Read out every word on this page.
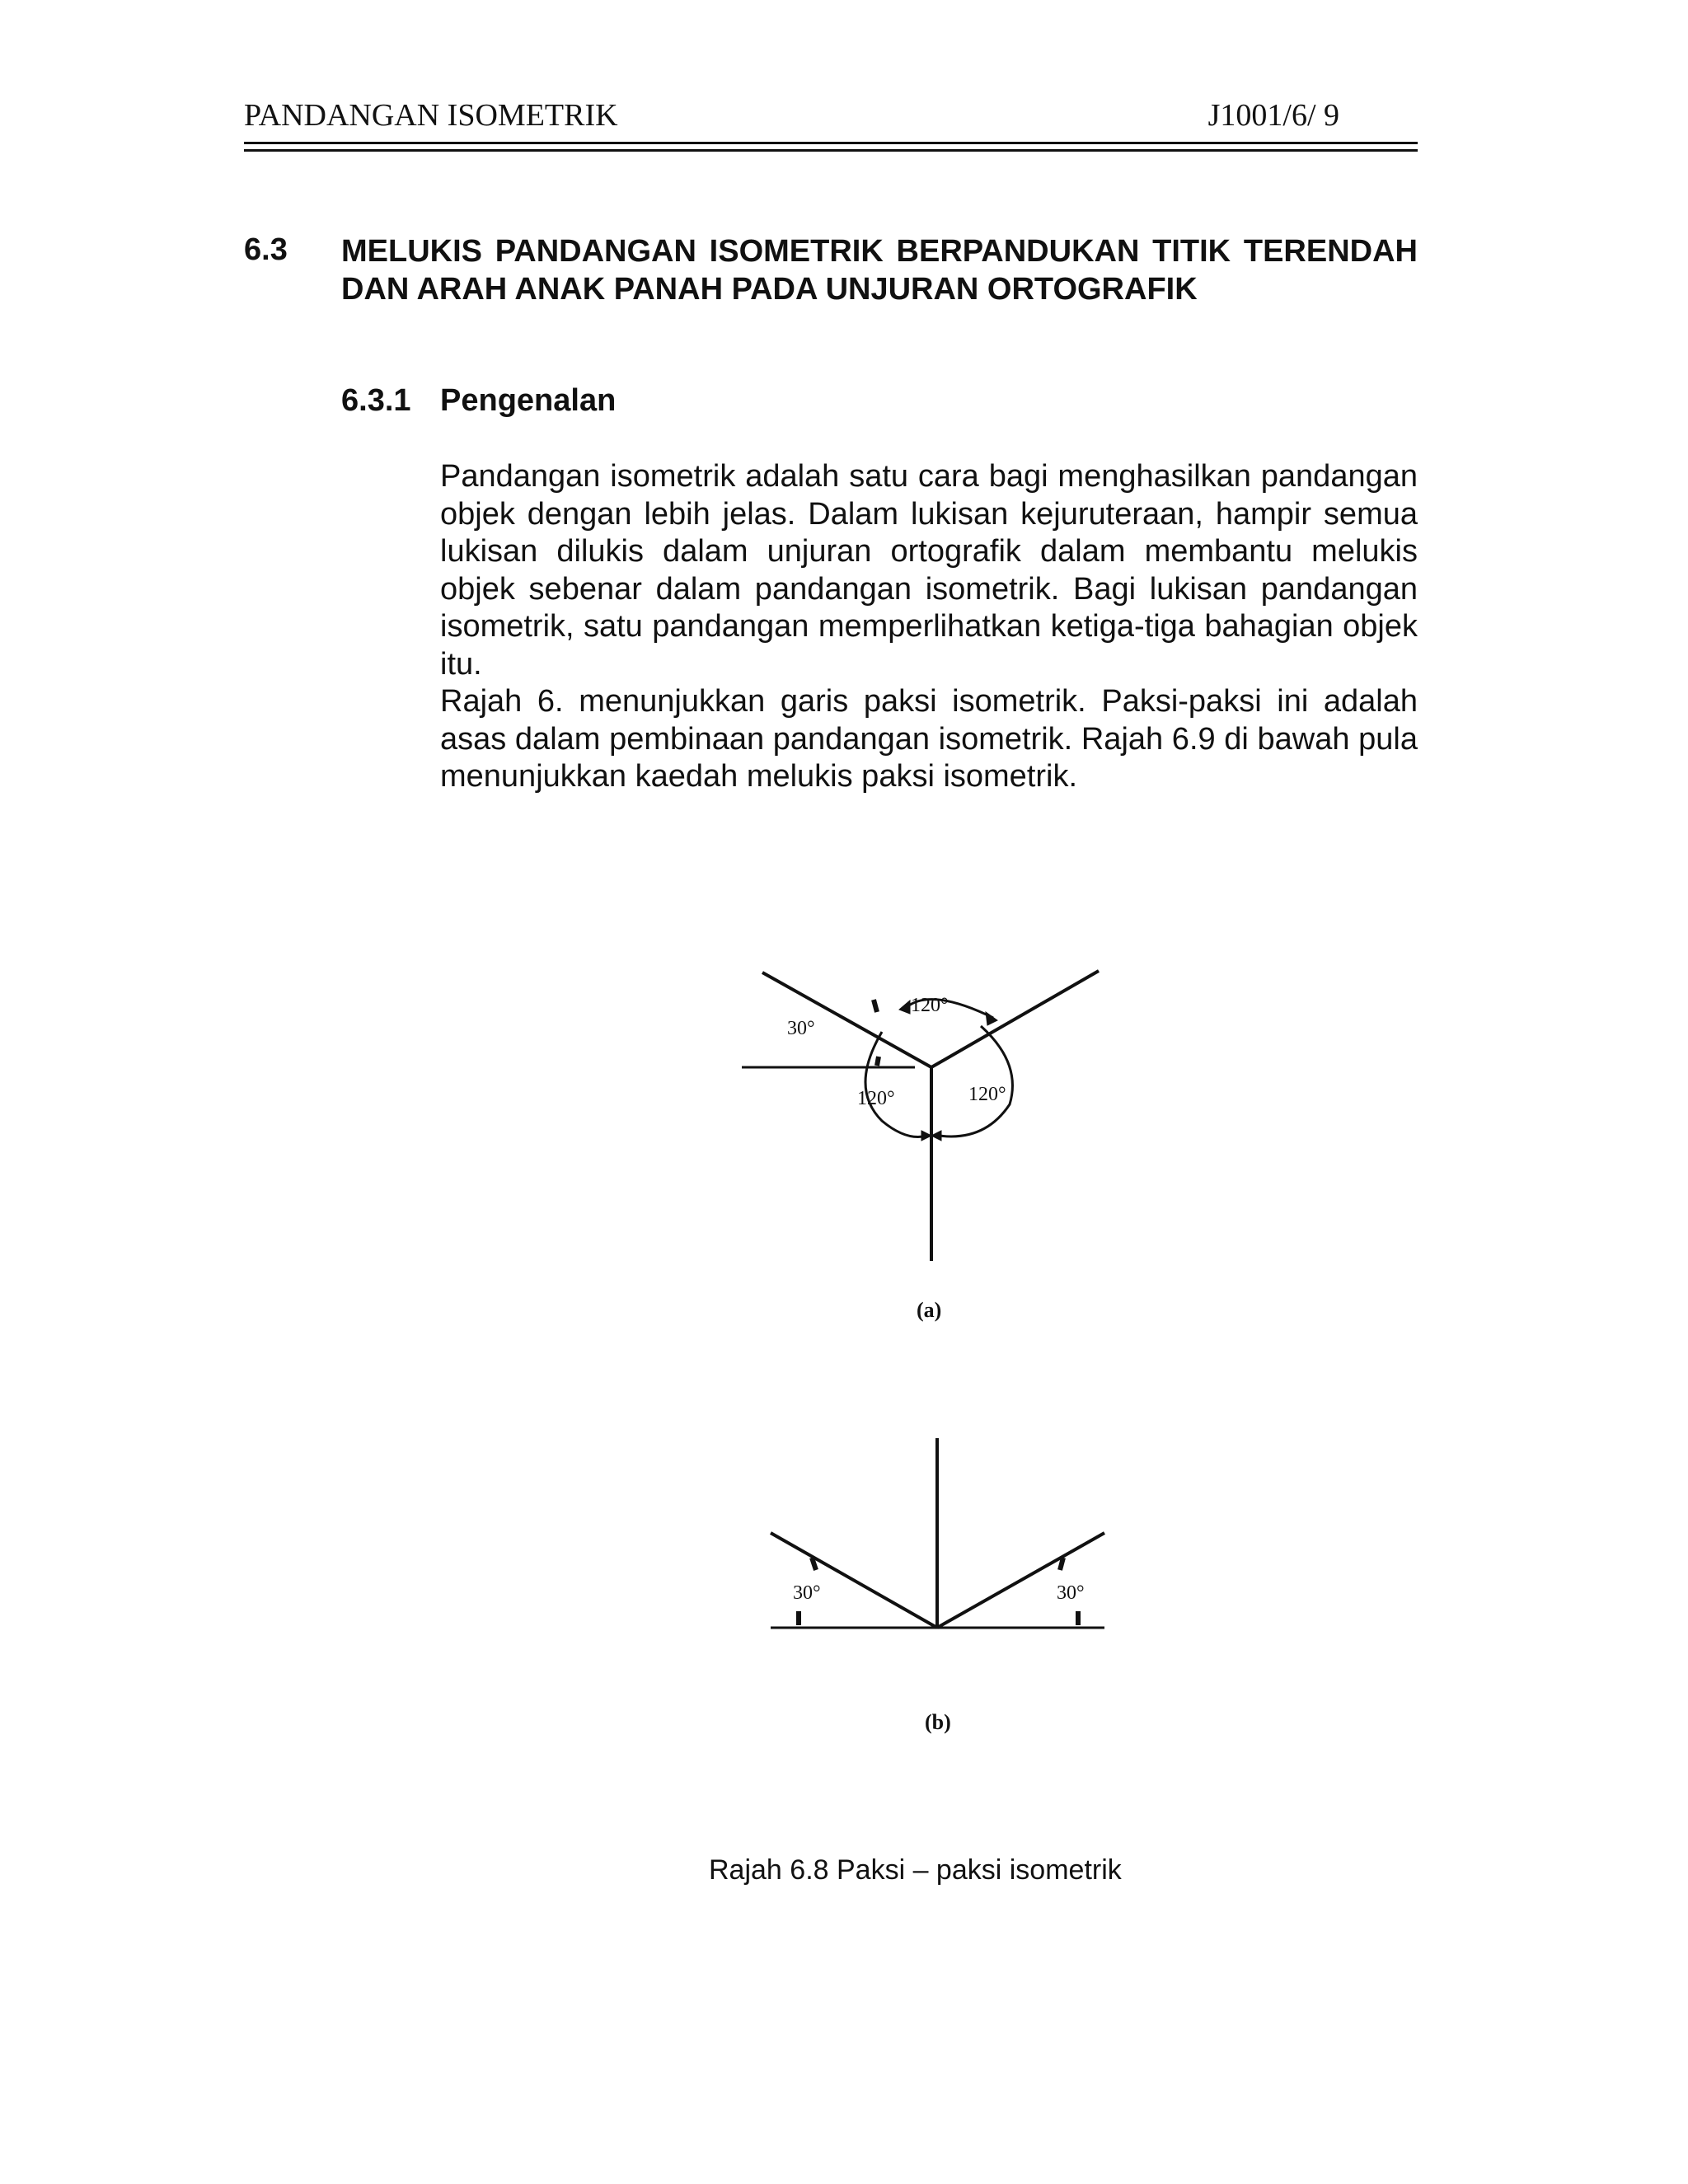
PANDANGAN ISOMETRIK	J1001/6/ 9
6.3 MELUKIS PANDANGAN ISOMETRIK BERPANDUKAN TITIK TERENDAH DAN ARAH ANAK PANAH PADA UNJURAN ORTOGRAFIK
6.3.1 Pengenalan

Pandangan isometrik adalah satu cara bagi menghasilkan pandangan objek dengan lebih jelas. Dalam lukisan kejuruteraan, hampir semua lukisan dilukis dalam unjuran ortografik dalam membantu melukis objek sebenar dalam pandangan isometrik. Bagi lukisan pandangan isometrik, satu pandangan memperlihatkan ketiga-tiga bahagian objek itu.

Rajah 6. menunjukkan garis paksi isometrik. Paksi-paksi ini adalah asas dalam pembinaan pandangan isometrik. Rajah 6.9 di bawah pula menunjukkan kaedah melukis paksi isometrik.

120°
30°
120°	120°
(a)
30°	30°
(b)
Rajah 6.8 Paksi – paksi isometrik
